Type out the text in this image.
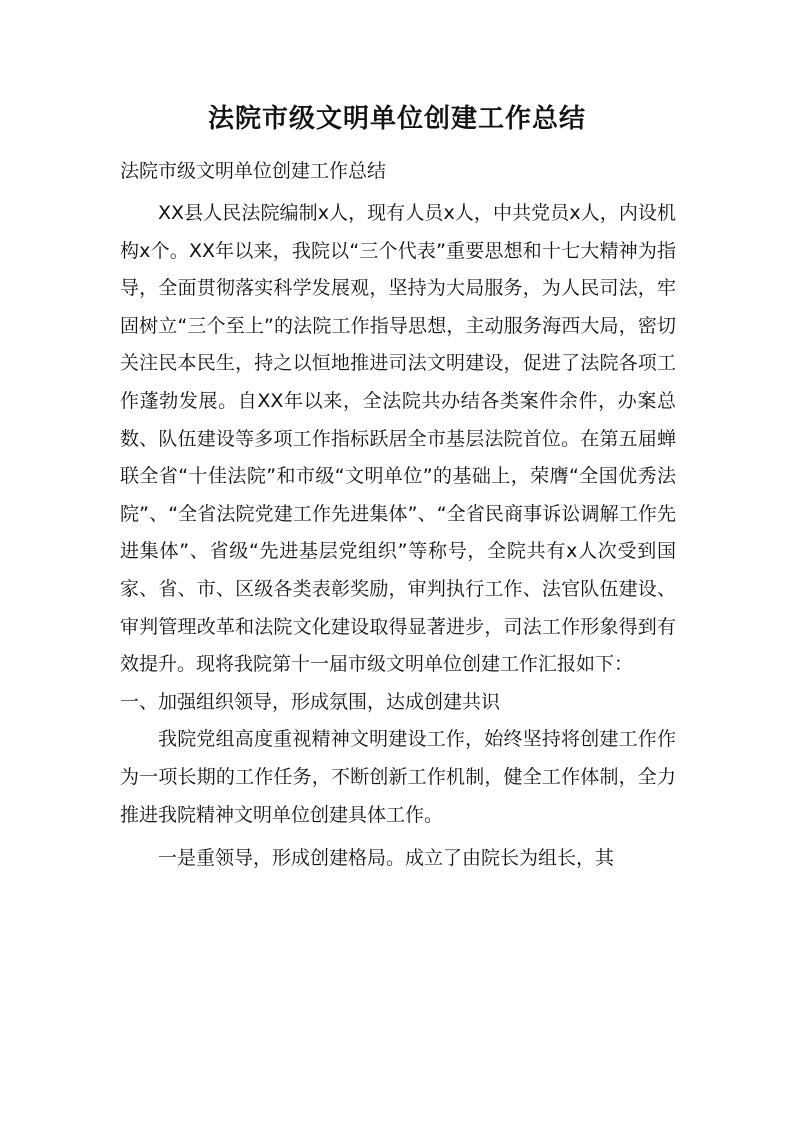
法院市级文明单位创建工作总结
法院市级文明单位创建工作总结

XX县人民法院编制x人，现有人员x人，中共党员x人，内设机构x个。XX年以来，我院以“三个代表”重要思想和十七大精神为指导，全面贯彻落实科学发展观，坚持为大局服务，为人民司法，牢固树立“三个至上”的法院工作指导思想，主动服务海西大局，密切关注民本民生，持之以恒地推进司法文明建设，促进了法院各项工作蓬勃发展。自XX年以来，全法院共办结各类案件余件，办案总数、队伍建设等多项工作指标跃居全市基层法院首位。在第五届蝉联全省“十佳法院”和市级“文明单位”的基础上，荣膺“全国优秀法院”、“全省法院党建工作先进集体”、“全省民商事诉讼调解工作先进集体”、省级“先进基层党组织”等称号，全院共有x人次受到国家、省、市、区级各类表彰奖励，审判执行工作、法官队伍建设、审判管理改革和法院文化建设取得显著进步，司法工作形象得到有效提升。现将我院第十一届市级文明单位创建工作汇报如下：

一、加强组织领导，形成氛围，达成创建共识

我院党组高度重视精神文明建设工作，始终坚持将创建工作作为一项长期的工作任务，不断创新工作机制，健全工作体制，全力推进我院精神文明单位创建具体工作。

一是重领导，形成创建格局。成立了由院长为组长，其
